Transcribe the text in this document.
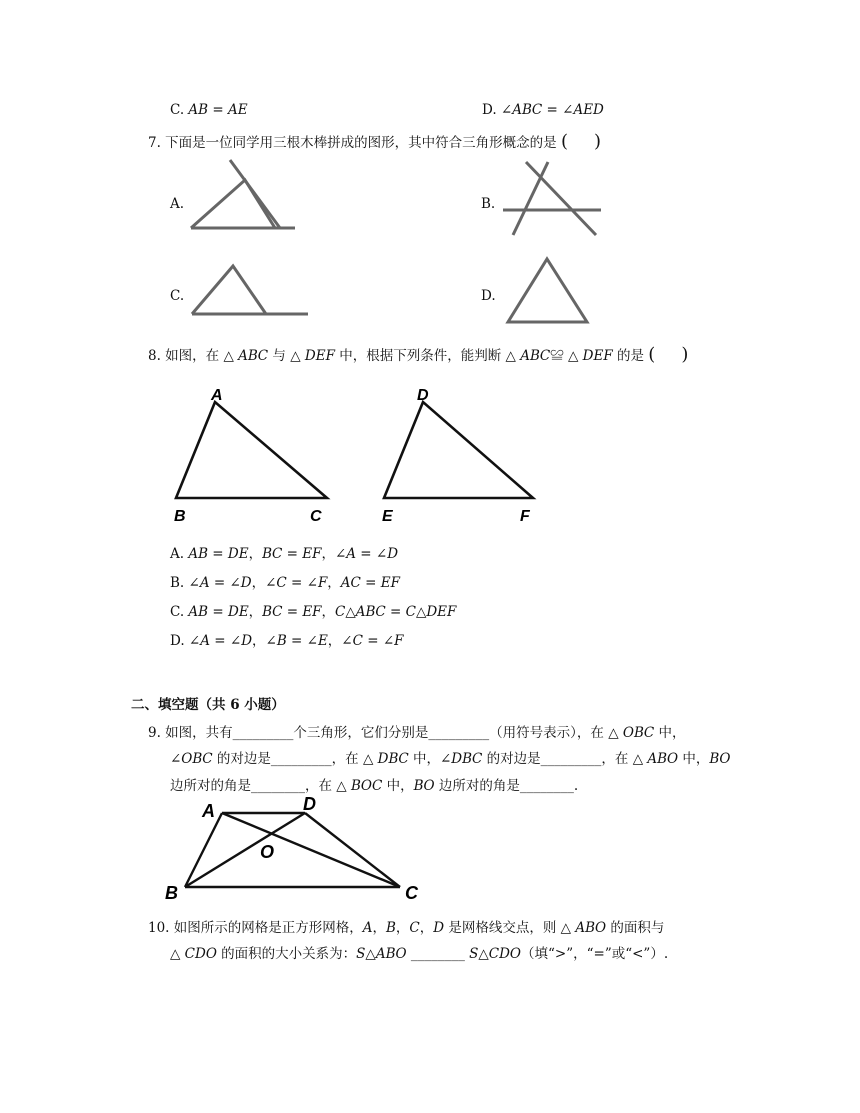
C. 𝐴𝐵 = 𝐴𝐸	D. ∠𝐴𝐵𝐶 = ∠𝐴𝐸𝐷
7. 下面是一位同学用三根木棒拼成的图形，其中符合三角形概念的是 ( )
A.	B.
C.	D.
8. 如图，在 △ 𝐴𝐵𝐶 与 △ 𝐷𝐸𝐹 中，根据下列条件，能判断 △ 𝐴𝐵𝐶≌ △ 𝐷𝐸𝐹 的是 ( )
A
B	C
D
E	F
A. 𝐴𝐵 = 𝐷𝐸，𝐵𝐶 = 𝐸𝐹，∠𝐴 = ∠𝐷
B. ∠𝐴 = ∠𝐷，∠𝐶 = ∠𝐹，𝐴𝐶 = 𝐸𝐹
C. 𝐴𝐵 = 𝐷𝐸，𝐵𝐶 = 𝐸𝐹，𝐶△𝐴𝐵𝐶 = 𝐶△𝐷𝐸𝐹
D. ∠𝐴 = ∠𝐷，∠𝐵 = ∠𝐸，∠𝐶 = ∠𝐹
二、填空题（共 6 小题）
9. 如图，共有_________个三角形，它们分别是_________（用符号表示），在 △ 𝑂𝐵𝐶 中，
∠𝑂𝐵𝐶 的对边是_________，在 △ 𝐷𝐵𝐶 中，∠𝐷𝐵𝐶 的对边是_________，在 △ 𝐴𝐵𝑂 中，𝐵𝑂
边所对的角是________，在 △ 𝐵𝑂𝐶 中，𝐵𝑂 边所对的角是________.
A	D
O
B	C
10. 如图所示的网格是正方形网格，𝐴，𝐵，𝐶，𝐷 是网格线交点，则 △ 𝐴𝐵𝑂 的面积与
△ 𝐶𝐷𝑂 的面积的大小关系为：𝑆△𝐴𝐵𝑂 ________ 𝑆△𝐶𝐷𝑂（填“>”，“=”或“<”）.
